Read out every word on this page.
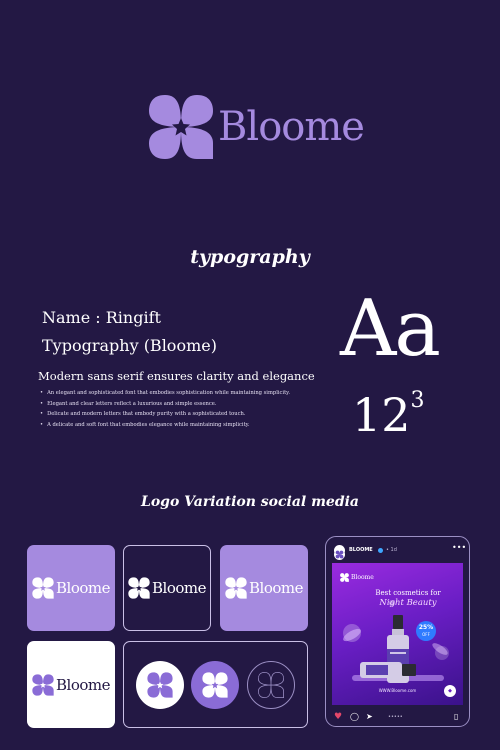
Bloome
typography
Name : Ringift
Typography (Bloome)
Modern sans serif ensures clarity and elegance
• An elegant and sophisticated font that embodies sophistication while maintaining simplicity.
• Elegant and clear letters reflect a luxurious and simple essence.
• Delicate and modern letters that embody purity with a sophisticated touch.
• A delicate and soft font that embodies elegance while maintaining simplicity.
Aa
$12^3$
Logo Variation social media
Bloome	Bloome	Bloome
Bloome
BLOOME	• 1d	•••
Bloome
Best cosmetics for
Night Beauty
25%
OFF
◆
WWW.Bloome.com
♥ ◯ ➤	•••••	▯
